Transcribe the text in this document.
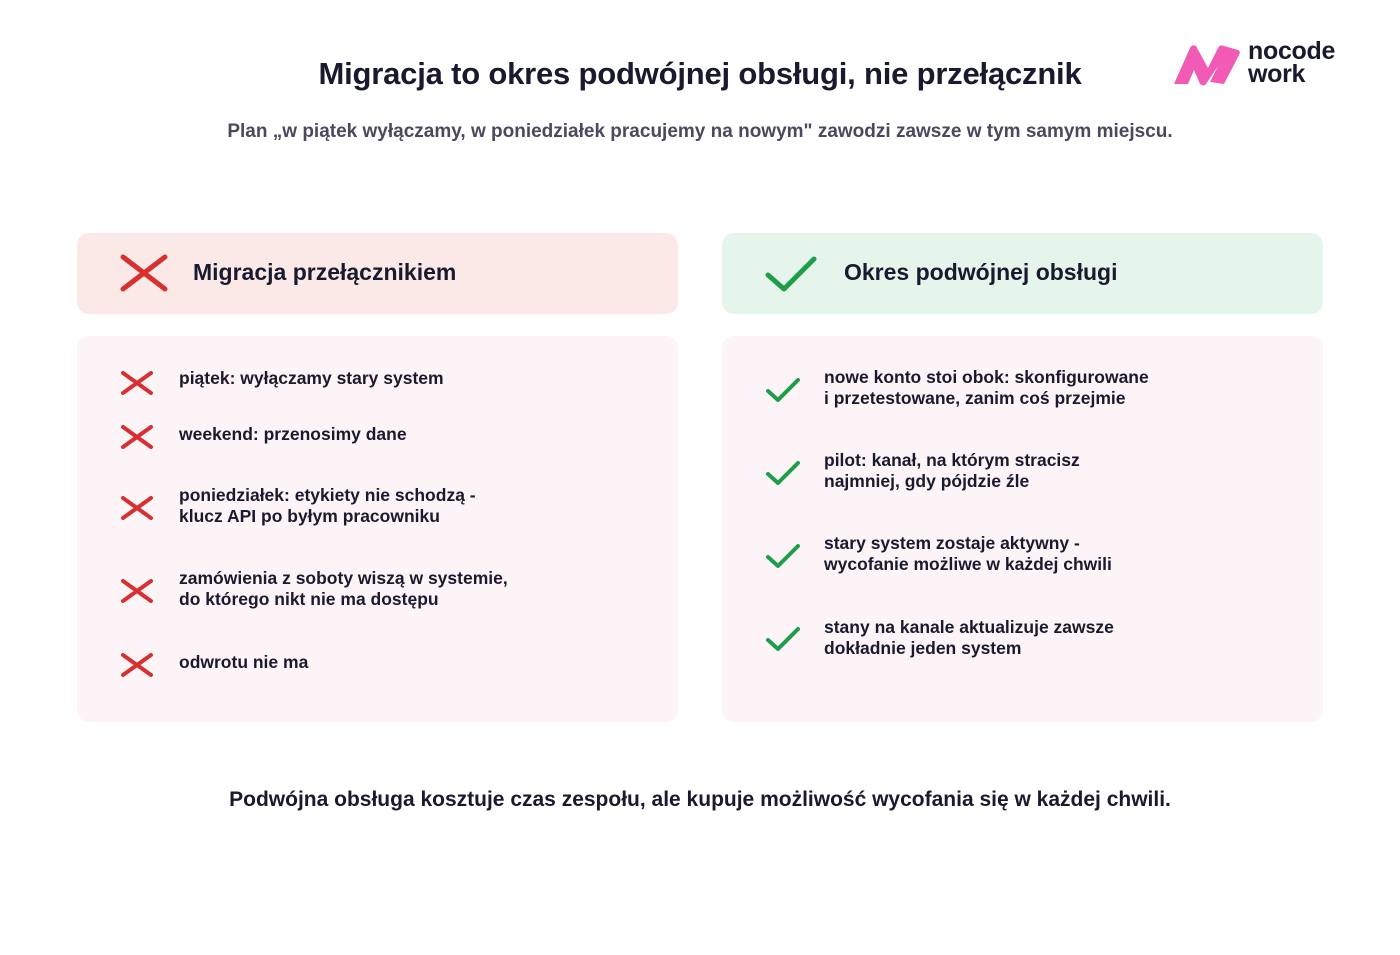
Migracja to okres podwójnej obsługi, nie przełącznik
Plan „w piątek wyłączamy, w poniedziałek pracujemy na nowym" zawodzi zawsze w tym samym miejscu.
nocode
work
Migracja przełącznikiem	Okres podwójnej obsługi
piątek: wyłączamy stary system
weekend: przenosimy dane
poniedziałek: etykiety nie schodzą -
klucz API po byłym pracowniku
zamówienia z soboty wiszą w systemie,
do którego nikt nie ma dostępu
odwrotu nie ma
nowe konto stoi obok: skonfigurowane
i przetestowane, zanim coś przejmie
pilot: kanał, na którym stracisz
najmniej, gdy pójdzie źle
stary system zostaje aktywny -
wycofanie możliwe w każdej chwili
stany na kanale aktualizuje zawsze
dokładnie jeden system
Podwójna obsługa kosztuje czas zespołu, ale kupuje możliwość wycofania się w każdej chwili.
